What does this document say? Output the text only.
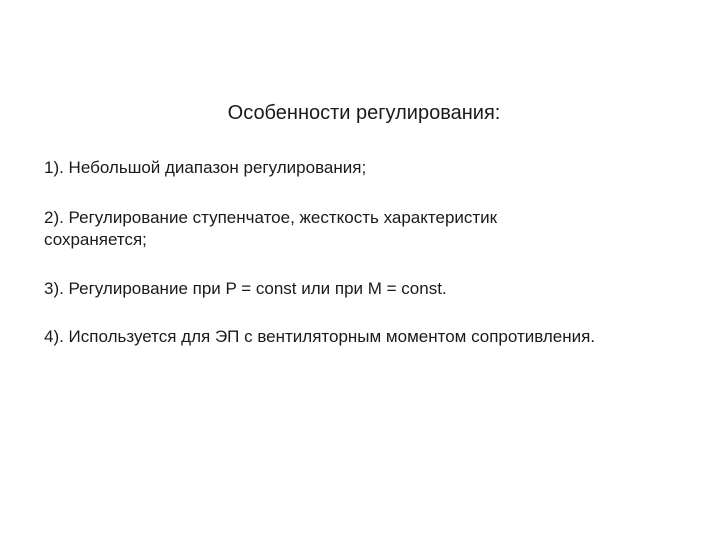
Особенности регулирования:
1). Небольшой диапазон регулирования;
2). Регулирование ступенчатое, жесткость характеристик сохраняется;
3). Регулирование при P = const или при M = const.
4). Используется для ЭП с вентиляторным моментом сопротивления.
